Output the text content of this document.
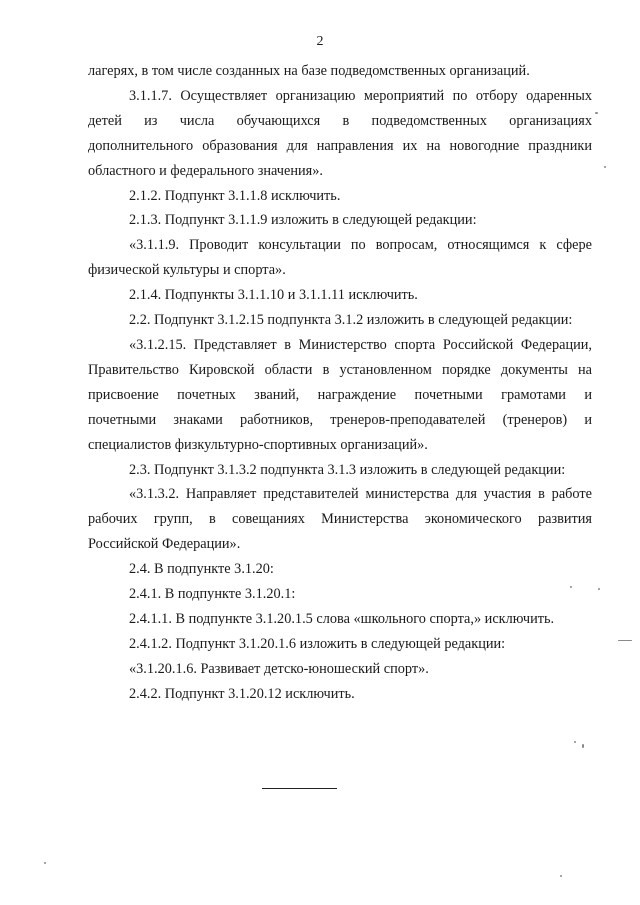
2

лагерях, в том числе созданных на базе подведомственных организаций.

3.1.1.7. Осуществляет организацию мероприятий по отбору одаренных
детей из числа обучающихся в подведомственных организациях
дополнительного образования для направления их на новогодние праздники
областного и федерального значения».

2.1.2. Подпункт 3.1.1.8 исключить.

2.1.3. Подпункт 3.1.1.9 изложить в следующей редакции:

«3.1.1.9. Проводит консультации по вопросам, относящимся к сфере
физической культуры и спорта».

2.1.4. Подпункты 3.1.1.10 и 3.1.1.11 исключить.

2.2. Подпункт 3.1.2.15 подпункта 3.1.2 изложить в следующей редакции:

«3.1.2.15. Представляет в Министерство спорта Российской Федерации,
Правительство Кировской области в установленном порядке документы на
присвоение почетных званий, награждение почетными грамотами и
почетными знаками работников, тренеров-преподавателей (тренеров) и
специалистов физкультурно-спортивных организаций».

2.3. Подпункт 3.1.3.2 подпункта 3.1.3 изложить в следующей редакции:

«3.1.3.2. Направляет представителей министерства для участия в работе
рабочих групп, в совещаниях Министерства экономического развития
Российской Федерации».

2.4. В подпункте 3.1.20:

2.4.1. В подпункте 3.1.20.1:

2.4.1.1. В подпункте 3.1.20.1.5 слова «школьного спорта,» исключить.

2.4.1.2. Подпункт 3.1.20.1.6 изложить в следующей редакции:

«3.1.20.1.6. Развивает детско-юношеский спорт».

2.4.2. Подпункт 3.1.20.12 исключить.
